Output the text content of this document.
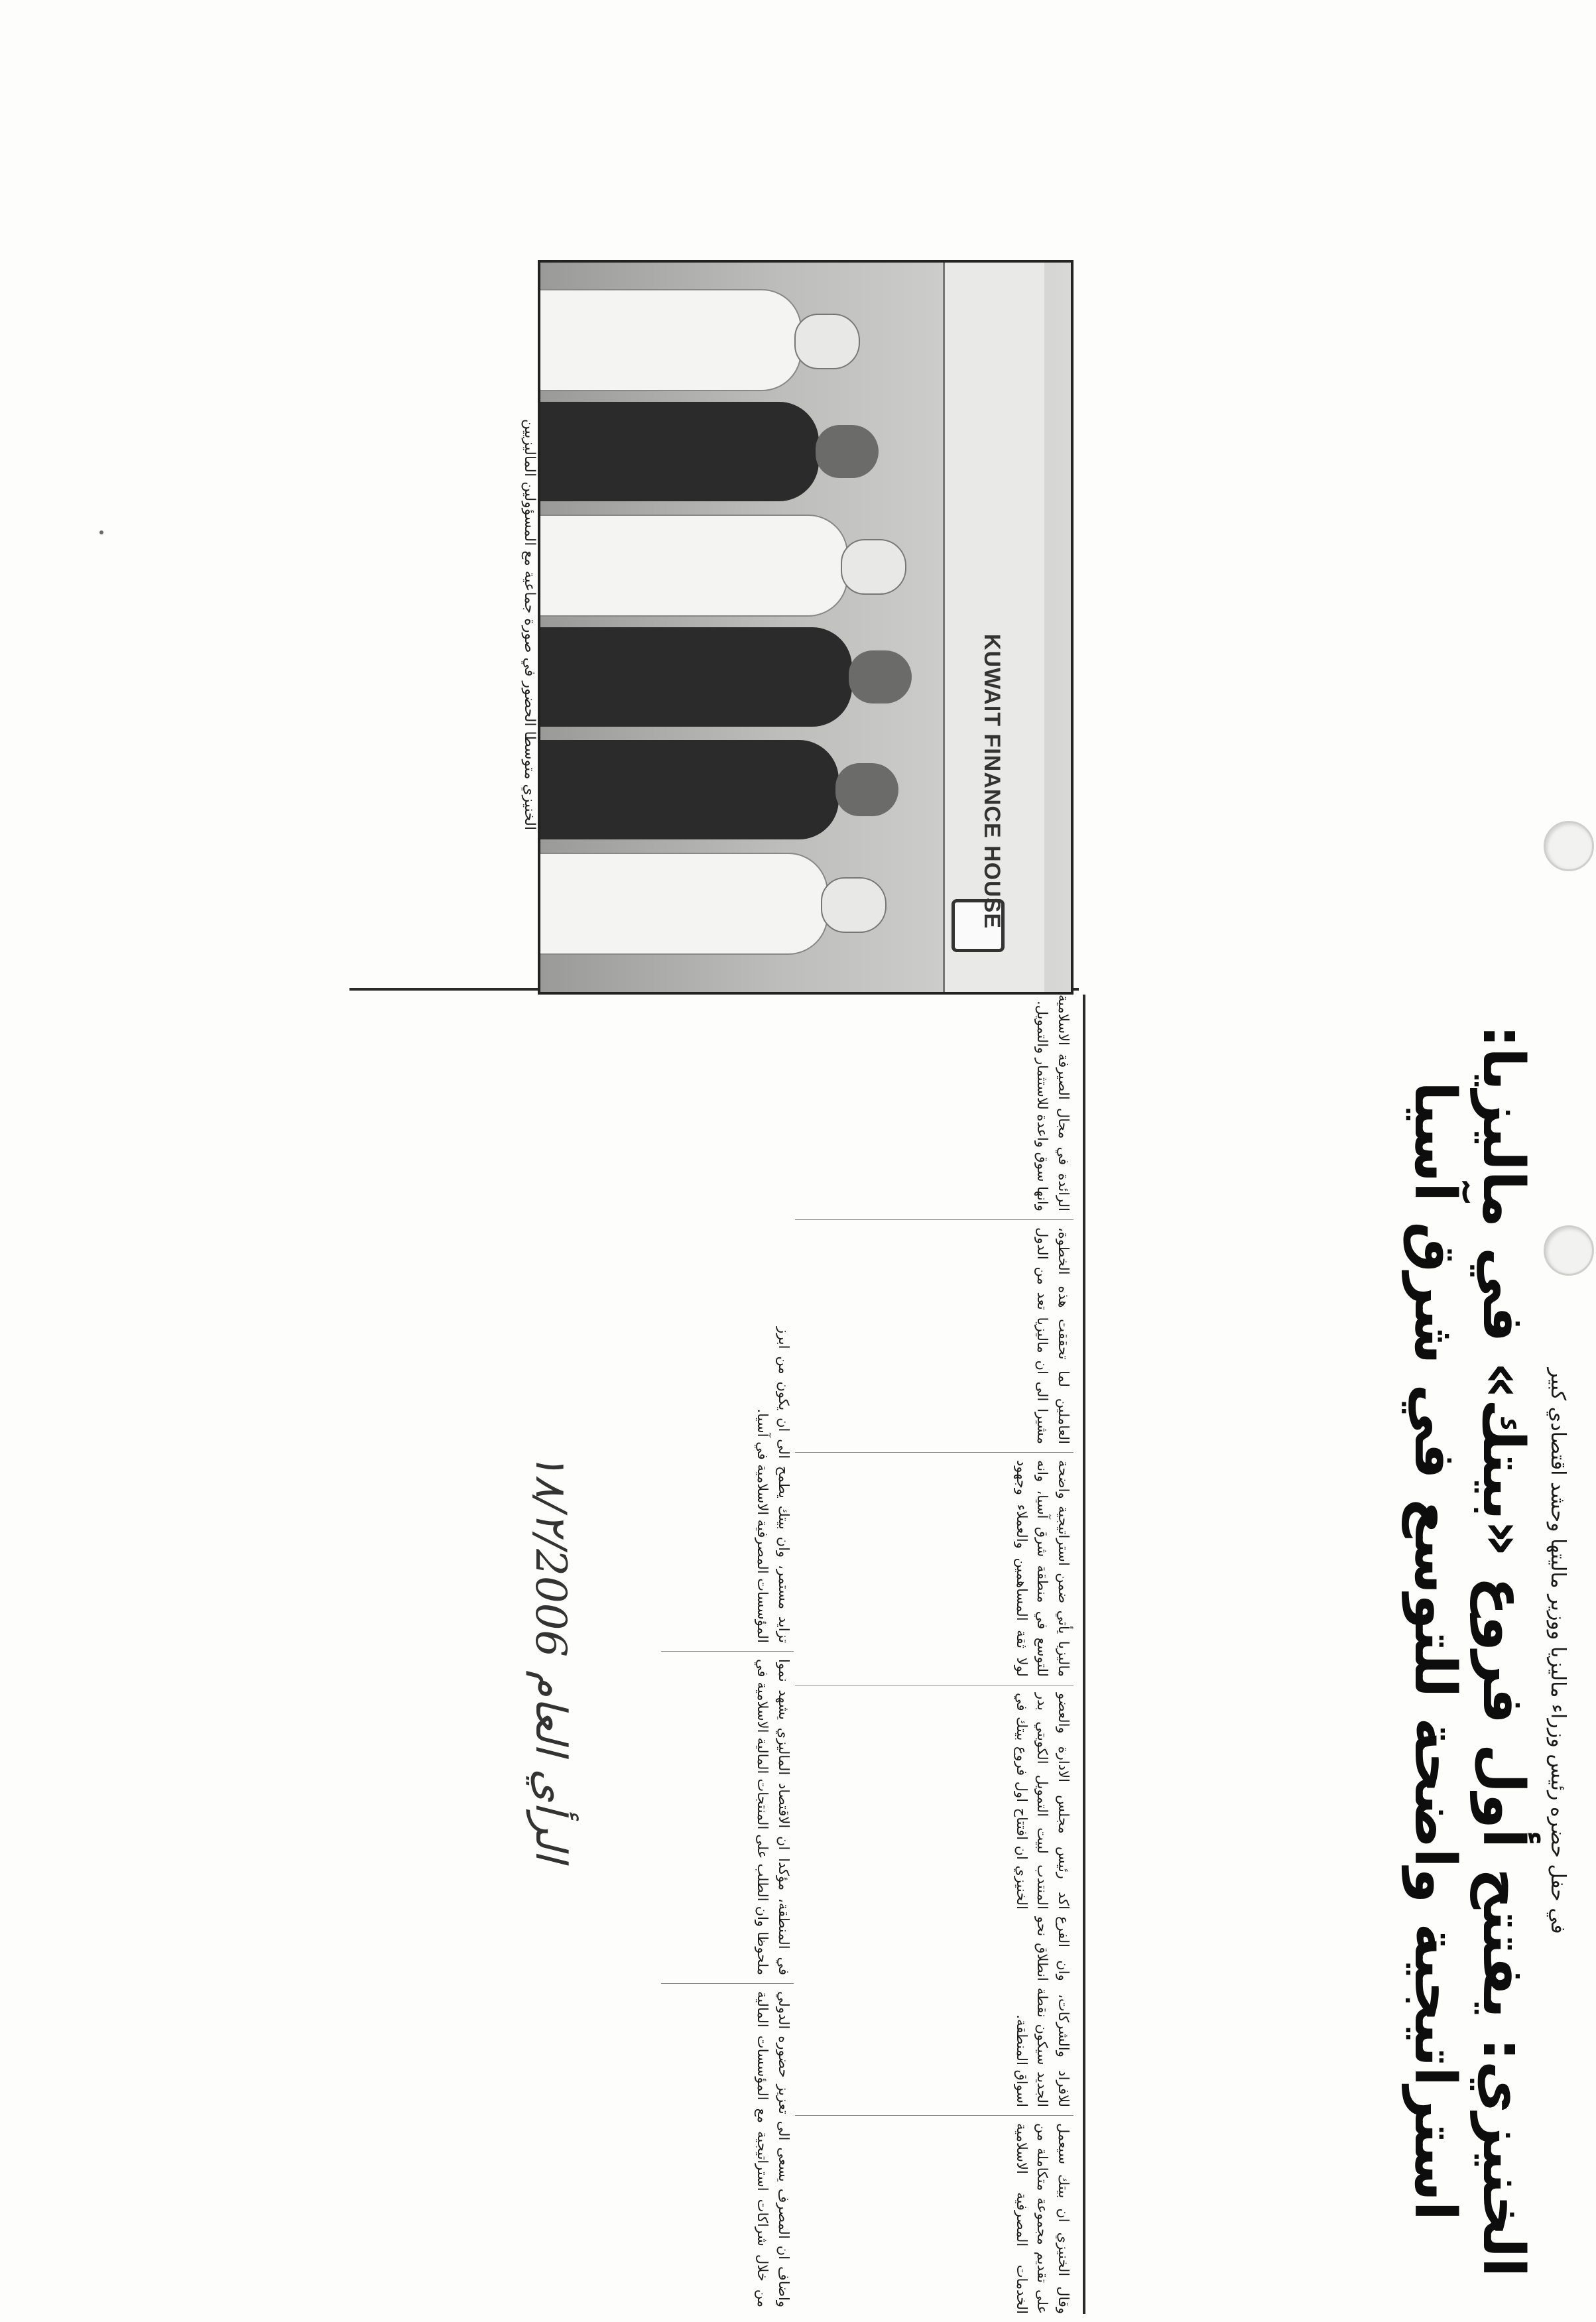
الرأي العام ١٨/٢/2006	في حفل حضره رئيس وزراء ماليزيا ووزير ماليتها وحشد اقتصادي كبير
الخنيزي: يفتتح أول فروع «بيتك» في ماليزيا: استراتيجية واضحة للتوسع في شرق آسيا
KUWAIT FINANCE HOUSE
الخنيزي متوسطا الحضور في صورة جماعية مع المسؤولين الماليزيين
اكد رئيس مجلس الادارة والعضو المنتدب لبيت التمويل الكويتي بدر الخنيزي ان افتتاح اول فروع بيتك في ماليزيا يأتي ضمن استراتيجية واضحة للتوسع في منطقة شرق آسيا، وانه لولا ثقة المساهمين والعملاء وجهود العاملين لما تحققت هذه الخطوة، مشيرا الى ان ماليزيا تعد من الدول الرائدة في مجال الصيرفة الاسلامية وانها سوق واعدة للاستثمار والتمويل.
وقال الخنيزي ان بيتك سيعمل على تقديم مجموعة متكاملة من الخدمات المصرفية الاسلامية للافراد والشركات، وان الفرع الجديد سيكون نقطة انطلاق نحو اسواق المنطقة.
واضاف ان المصرف يسعى الى تعزيز حضوره الدولي من خلال شراكات استراتيجية مع المؤسسات المالية في المنطقة، مؤكدا ان الاقتصاد الماليزي يشهد نموا ملحوظا وان الطلب على المنتجات المالية الاسلامية في تزايد مستمر، وان بيتك يطمح الى ان يكون من ابرز المؤسسات المصرفية الاسلامية في آسيا.
